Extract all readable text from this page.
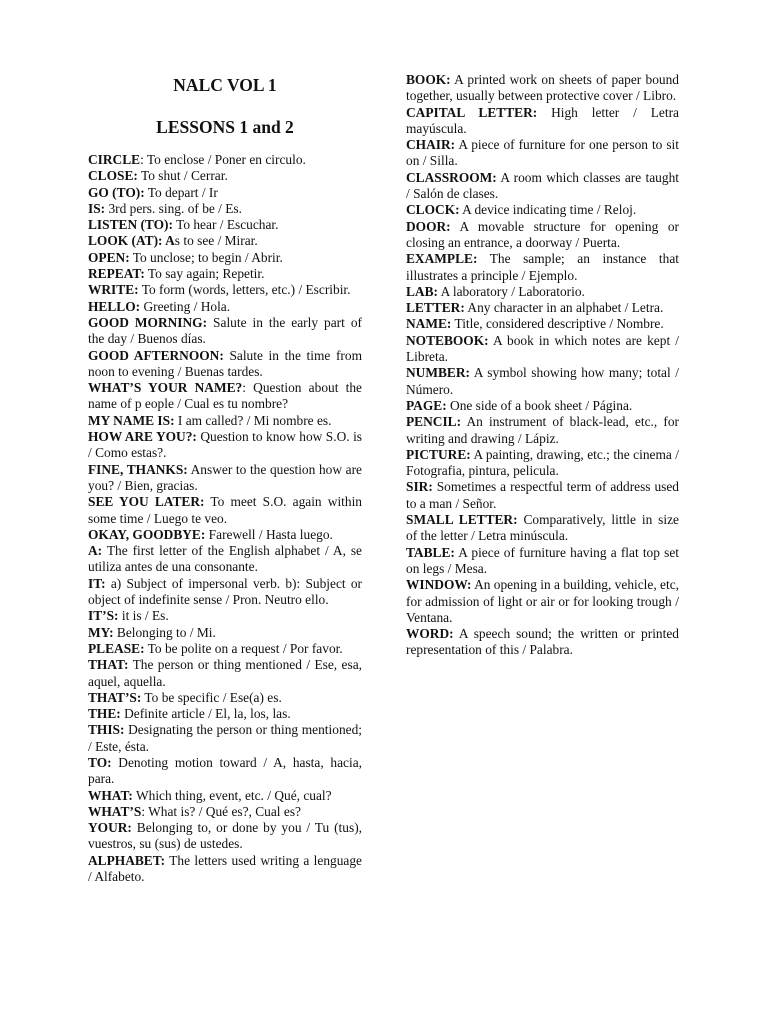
NALC VOL 1
LESSONS 1 and 2

CIRCLE: To enclose / Poner en circulo.

CLOSE: To shut / Cerrar.

GO (TO): To depart / Ir

IS: 3rd pers. sing. of be / Es.

LISTEN (TO): To hear / Escuchar.

LOOK (AT): As to see / Mirar.

OPEN: To unclose; to begin / Abrir.

REPEAT: To say again; Repetir.

WRITE: To form (words, letters, etc.) / Escribir.

HELLO: Greeting / Hola.

GOOD MORNING: Salute in the early part of the day / Buenos días.

GOOD AFTERNOON: Salute in the time from noon to evening / Buenas tardes.

WHAT’S YOUR NAME?: Question about the name of p eople / Cual es tu nombre?

MY NAME IS: I am called? / Mi nombre es.

HOW ARE YOU?: Question to know how S.O. is / Como estas?.

FINE, THANKS: Answer to the question how are you? / Bien, gracias.

SEE YOU LATER: To meet S.O. again within some time / Luego te veo.

OKAY, GOODBYE: Farewell / Hasta luego.

A: The first letter of the English alphabet / A, se utiliza antes de una consonante.

IT: a) Subject of impersonal verb. b): Subject or object of indefinite sense / Pron. Neutro ello.

IT’S: it is / Es.

MY: Belonging to / Mi.

PLEASE: To be polite on a request / Por favor.

THAT: The person or thing mentioned / Ese, esa, aquel, aquella.

THAT’S: To be specific / Ese(a) es.

THE: Definite article / El, la, los, las.

THIS: Designating the person or thing mentioned; / Este, ésta.

TO: Denoting motion toward / A, hasta, hacia, para.

WHAT: Which thing, event, etc. / Qué, cual?

WHAT’S: What is? / Qué es?, Cual es?

YOUR: Belonging to, or done by you / Tu (tus), vuestros, su (sus) de ustedes.

ALPHABET: The letters used writing a lenguage / Alfabeto.

BOOK: A printed work on sheets of paper bound together, usually between protective cover / Libro.

CAPITAL LETTER: High letter / Letra mayúscula.

CHAIR: A piece of furniture for one person to sit on / Silla.

CLASSROOM: A room which classes are taught / Salón de clases.

CLOCK: A device indicating time / Reloj.

DOOR: A movable structure for opening or closing an entrance, a doorway / Puerta.

EXAMPLE: The sample; an instance that illustrates a principle / Ejemplo.

LAB: A laboratory / Laboratorio.

LETTER: Any character in an alphabet / Letra.

NAME: Title, considered descriptive / Nombre.

NOTEBOOK: A book in which notes are kept / Libreta.

NUMBER: A symbol showing how many; total / Número.

PAGE: One side of a book sheet / Página.

PENCIL: An instrument of black-lead, etc., for writing and drawing / Lápiz.

PICTURE: A painting, drawing, etc.; the cinema / Fotografia, pintura, pelicula.

SIR: Sometimes a respectful term of address used to a man / Señor.

SMALL LETTER: Comparatively, little in size of the letter / Letra minúscula.

TABLE: A piece of furniture having a flat top set on legs / Mesa.

WINDOW: An opening in a building, vehicle, etc, for admission of light or air or for looking trough / Ventana.

WORD: A speech sound; the written or printed representation of this / Palabra.
